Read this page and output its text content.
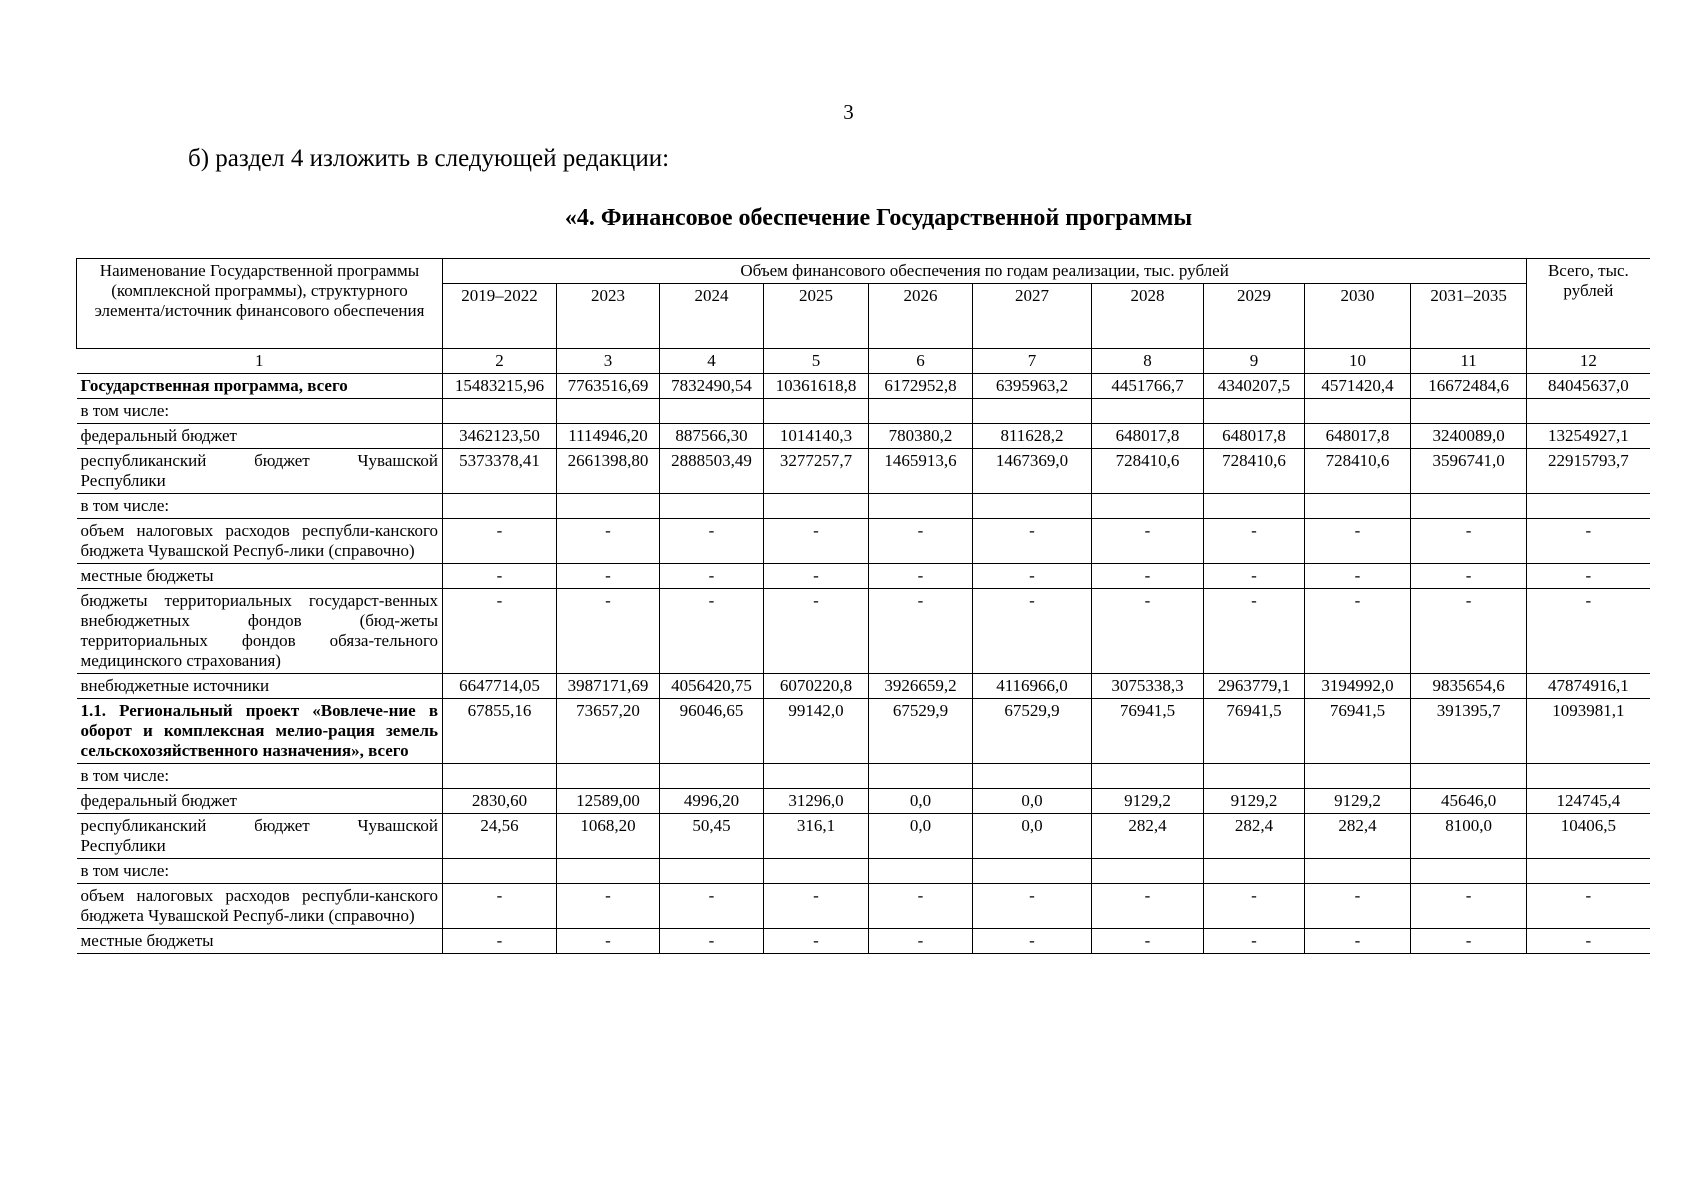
3
б) раздел 4 изложить в следующей редакции:
«4. Финансовое обеспечение Государственной программы
Наименование Государственной программы (комплексной программы), структурного элемента/источник финансового обеспечения	Объем финансового обеспечения по годам реализации, тыс. рублей										Всего, тыс. рублей
	2019–2022	2023	2024	2025	2026	2027	2028	2029	2030	2031–2035	
1	2	3	4	5	6	7	8	9	10	11	12
Государственная программа, всего	15483215,96	7763516,69	7832490,54	10361618,8	6172952,8	6395963,2	4451766,7	4340207,5	4571420,4	16672484,6	84045637,0
в том числе:											
федеральный бюджет	3462123,50	1114946,20	887566,30	1014140,3	780380,2	811628,2	648017,8	648017,8	648017,8	3240089,0	13254927,1
республиканский бюджет Чувашской Республики	5373378,41	2661398,80	2888503,49	3277257,7	1465913,6	1467369,0	728410,6	728410,6	728410,6	3596741,0	22915793,7
в том числе:											
объем налоговых расходов республи-канского бюджета Чувашской Респуб-лики (справочно)	-	-	-	-	-	-	-	-	-	-	-
местные бюджеты	-	-	-	-	-	-	-	-	-	-	-
бюджеты территориальных государст-венных внебюджетных фондов (бюд-жеты территориальных фондов обяза-тельного медицинского страхования)	-	-	-	-	-	-	-	-	-	-	-
внебюджетные источники	6647714,05	3987171,69	4056420,75	6070220,8	3926659,2	4116966,0	3075338,3	2963779,1	3194992,0	9835654,6	47874916,1
1.1. Региональный проект «Вовлече-ние в оборот и комплексная мелио-рация земель сельскохозяйственного назначения», всего	67855,16	73657,20	96046,65	99142,0	67529,9	67529,9	76941,5	76941,5	76941,5	391395,7	1093981,1
в том числе:											
федеральный бюджет	2830,60	12589,00	4996,20	31296,0	0,0	0,0	9129,2	9129,2	9129,2	45646,0	124745,4
республиканский бюджет Чувашской Республики	24,56	1068,20	50,45	316,1	0,0	0,0	282,4	282,4	282,4	8100,0	10406,5
в том числе:											
объем налоговых расходов республи-канского бюджета Чувашской Респуб-лики (справочно)	-	-	-	-	-	-	-	-	-	-	-
местные бюджеты	-	-	-	-	-	-	-	-	-	-	-
